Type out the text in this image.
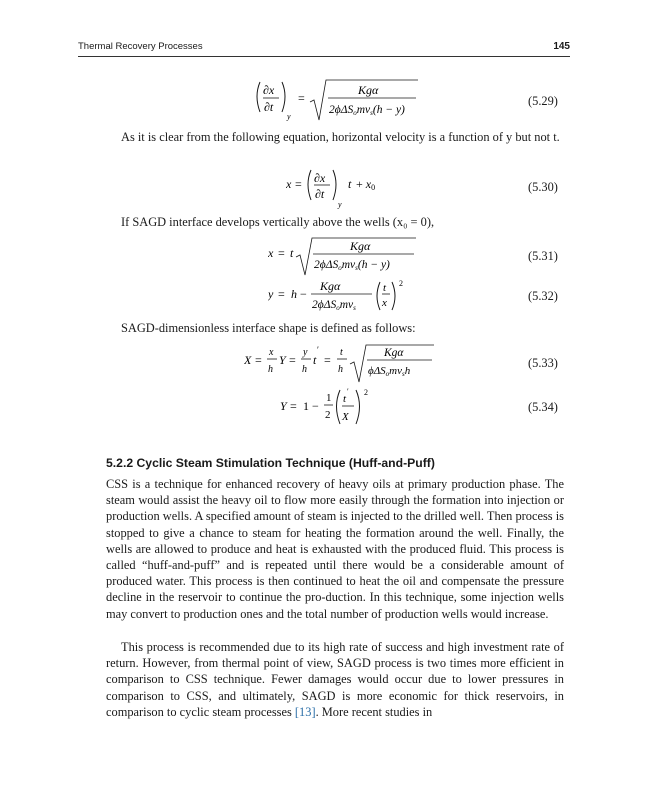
Thermal Recovery Processes	145
∂x
∂t
y
=
Kgα
2ϕΔSomνs(h − y)
(5.29)

As it is clear from the following equation, horizontal velocity is a function of y but not t.

x = ∂x
∂t
y
t + x0	(5.30)

If SAGD interface develops vertically above the wells (x₀ = 0),

x = t	Kgα
2ϕΔSomνs(h − y)
(5.31)
y = h −
Kgα
2ϕΔSomνs
t
x
2
(5.32)

SAGD-dimensionless interface shape is defined as follows:

X =
x
h
Y =
y
h
t
′
=
t
h
Kgα
ϕΔSomνsh
(5.33)
Y = 1 −
1
2
t
′
X
2
(5.34)
5.2.2 Cyclic Steam Stimulation Technique (Huff-and-Puff)

CSS is a technique for enhanced recovery of heavy oils at primary production phase. The steam would assist the heavy oil to flow more easily through the formation into injection or production wells. A specified amount of steam is injected to the drilled well. Then process is stopped to give a chance to steam for heating the formation around the well. Finally, the wells are allowed to produce and heat is exhausted with the produced fluid. This process is called “huff-and-puff” and is repeated until there would be a considerable amount of produced water. This process is then continued to heat the oil and compensate the pressure decline in the reservoir to continue the pro-duction. In this technique, some injection wells may convert to production ones and the total number of production wells would increase.

This process is recommended due to its high rate of success and high investment rate of return. However, from thermal point of view, SAGD process is two times more efficient in comparison to CSS technique. Fewer damages would occur due to lower pressures in comparison to CSS, and ultimately, SAGD is more economic for thick reservoirs, in comparison to cyclic steam processes [13]. More recent studies in
